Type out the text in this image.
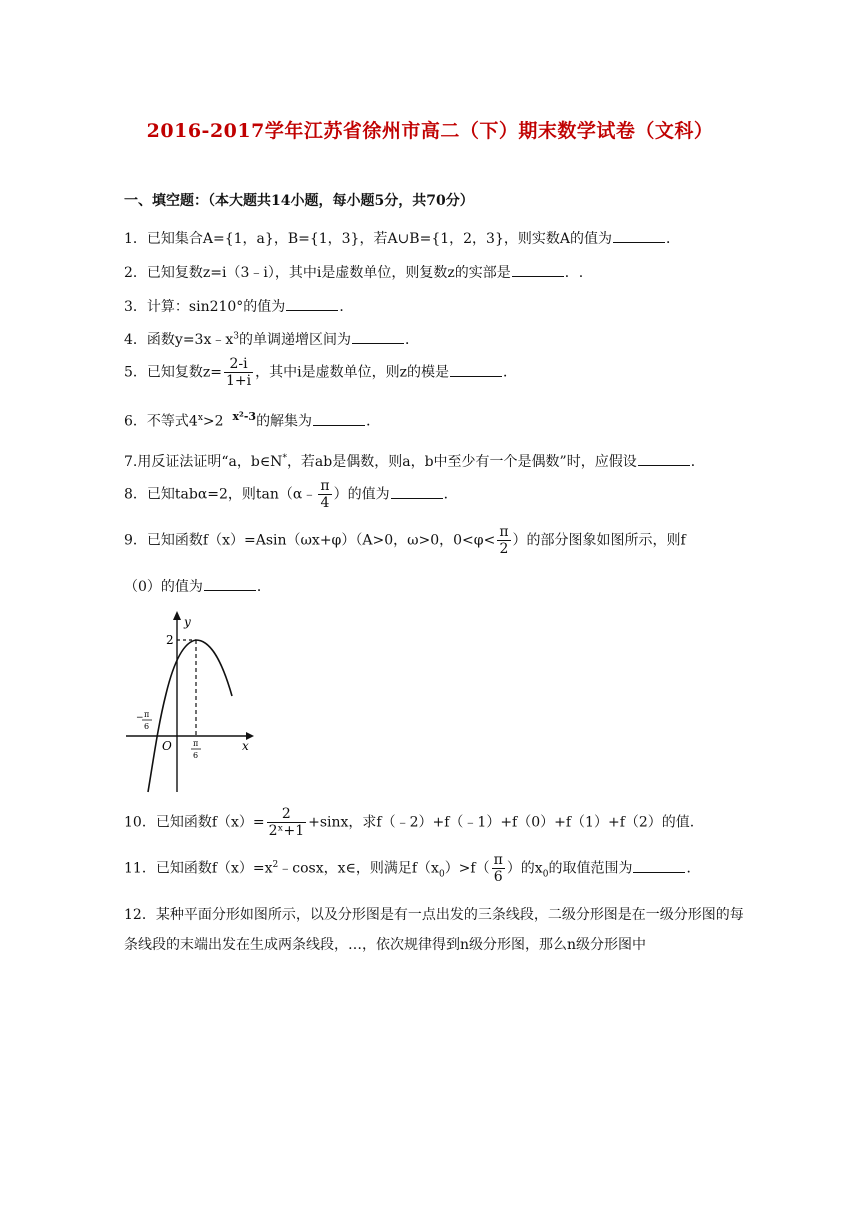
2016-2017学年江苏省徐州市高二（下）期末数学试卷（文科）
一、填空题：（本大题共14小题，每小题5分，共70分）
1．已知集合A={1，a}，B={1，3}，若A∪B={1，2，3}，则实数A的值为	．
2．已知复数z=i（3﹣i），其中i是虚数单位，则复数z的实部是	．.
3．计算：sin210°的值为	．
4．函数$y=3x﹣x^3$的单调递增区间为	．
5．已知复数$z= \frac{2-i}{1+i}$ ，其中i是虚数单位，则z的模是	．
6．不等式$4^x>2$ $^{x^2-3}$的解集为	．
7.用反证法证明“a，b∈N*，若ab是偶数，则a，b中至少有一个是偶数”时，应假设	．
8．已知tabα=2，则tan（α﹣ $\frac{\pi}{4}$ ）的值为	．
9．已知函数f（x）=Asin（ωx+φ）（A>0，ω>0，$0<\varphi< \frac{\pi}{2}$ ）的部分图象如图所示，则f
（0）的值为	．
y
x
O
2
− π
6
π
6
10．已知函数$f(x)= \frac{2}{\text{2ˣ+1}} +\sin x$，求f（﹣2）+f（﹣1）+f（0）+f（1）+f（2）的值.
11．已知函数$f(x)=x^2﹣\cos x$，x∈，则满足$f(x_0)>f( \frac{\pi}{6}$ ）的$x_0$的取值范围为	．
12．某种平面分形如图所示，以及分形图是有一点出发的三条线段，二级分形图是在一级分形图的每条线段的末端出发在生成两条线段，…，依次规律得到n级分形图，那么n级分形图中
